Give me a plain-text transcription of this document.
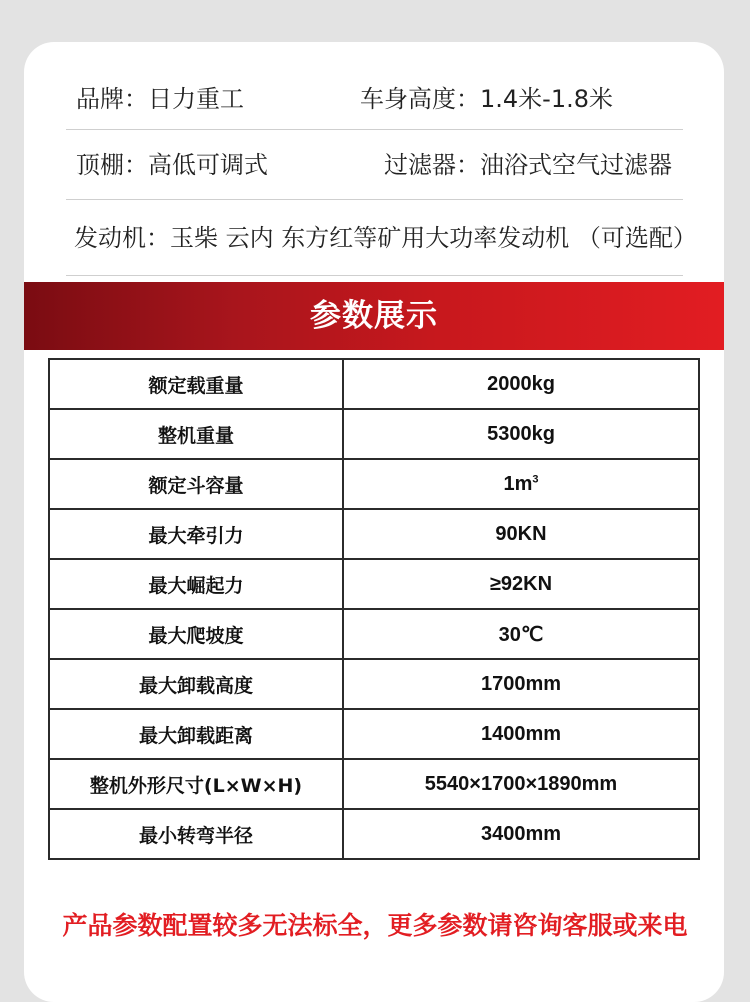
品牌：日力重工	车身高度：1.4米-1.8米
顶棚：高低可调式	过滤器：油浴式空气过滤器
发动机：玉柴 云内 东方红等矿用大功率发动机 （可选配）
参数展示
额定载重量	2000kg
整机重量	5300kg
额定斗容量	$1m^3$
最大牵引力	90KN
最大崛起力	≥92KN
最大爬坡度	30℃
最大卸载高度	1700mm
最大卸载距离	1400mm
整机外形尺寸(L×W×H)	5540×1700×1890mm
最小转弯半径	3400mm
产品参数配置较多无法标全，更多参数请咨询客服或来电
